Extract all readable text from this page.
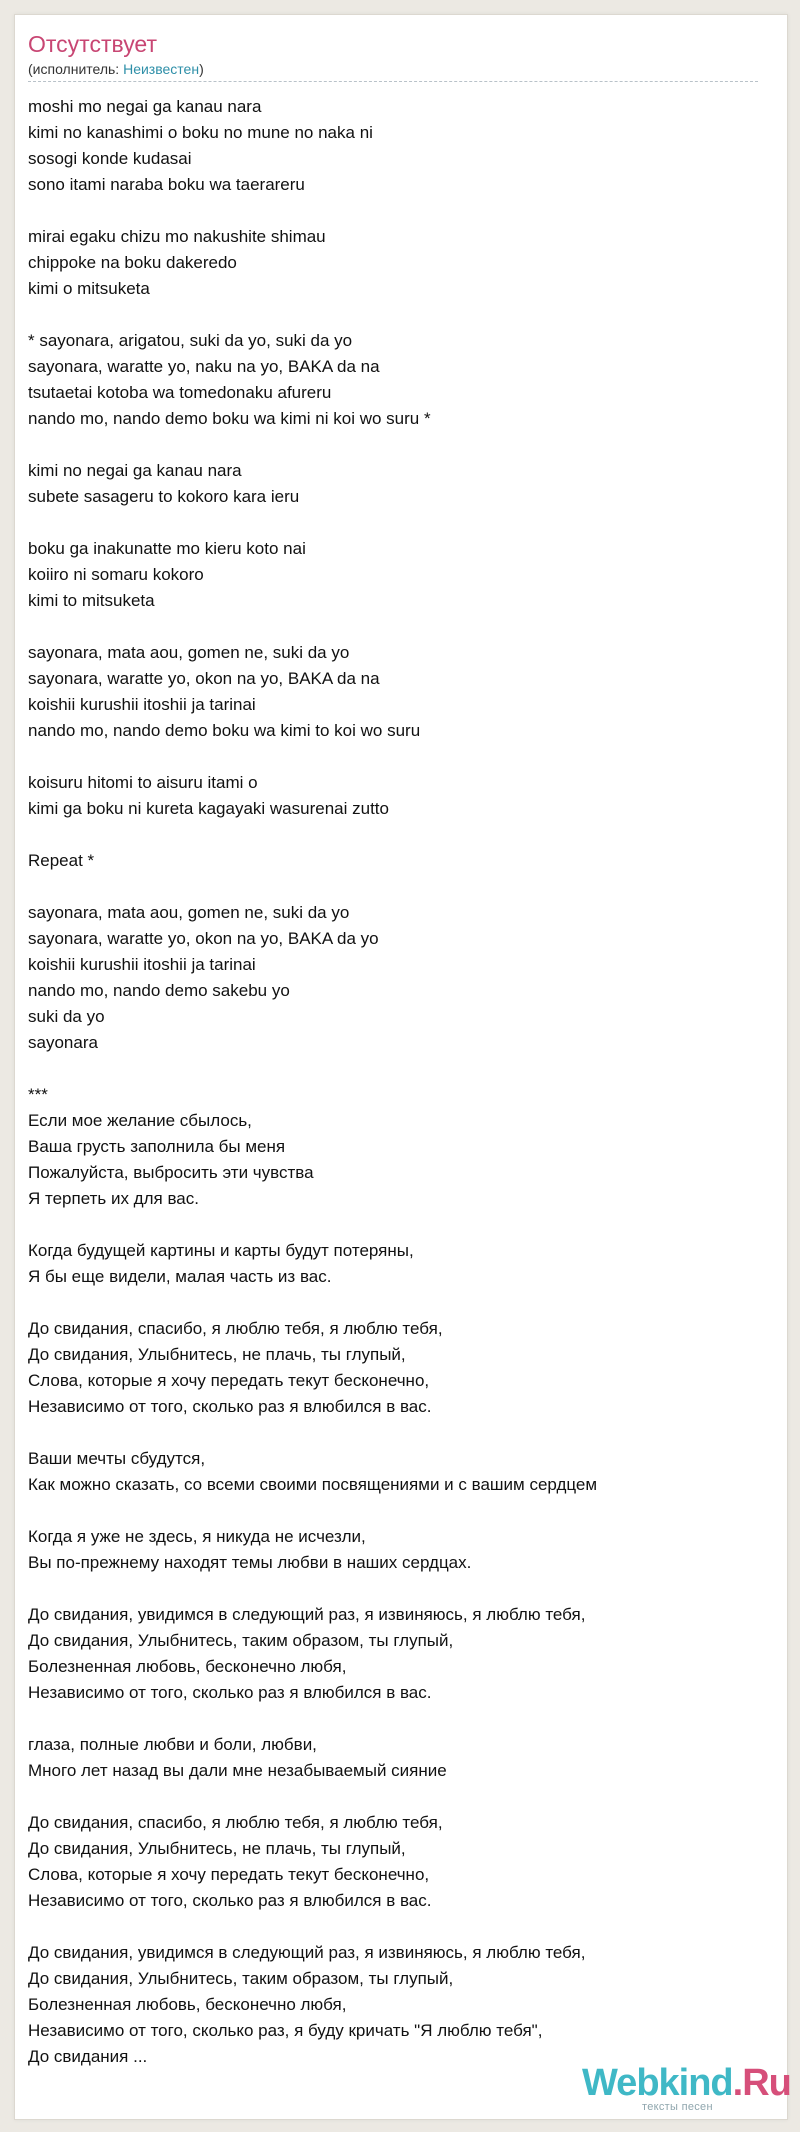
Отсутствует
(исполнитель: Неизвестен)
moshi mo negai ga kanau nara
kimi no kanashimi o boku no mune no naka ni
sosogi konde kudasai
sono itami naraba boku wa taerareru
mirai egaku chizu mo nakushite shimau
chippoke na boku dakeredo
kimi o mitsuketa
* sayonara, arigatou, suki da yo, suki da yo
sayonara, waratte yo, naku na yo, BAKA da na
tsutaetai kotoba wa tomedonaku afureru
nando mo, nando demo boku wa kimi ni koi wo suru *
kimi no negai ga kanau nara
subete sasageru to kokoro kara ieru
boku ga inakunatte mo kieru koto nai
koiiro ni somaru kokoro
kimi to mitsuketa
sayonara, mata aou, gomen ne, suki da yo
sayonara, waratte yo, okon na yo, BAKA da na
koishii kurushii itoshii ja tarinai
nando mo, nando demo boku wa kimi to koi wo suru
koisuru hitomi to aisuru itami o
kimi ga boku ni kureta kagayaki wasurenai zutto
Repeat *
sayonara, mata aou, gomen ne, suki da yo
sayonara, waratte yo, okon na yo, BAKA da yo
koishii kurushii itoshii ja tarinai
nando mo, nando demo sakebu yo
suki da yo
sayonara
***
Если мое желание сбылось,
Ваша грусть заполнила бы меня
Пожалуйста, выбросить эти чувства
Я терпеть их для вас.
Когда будущей картины и карты будут потеряны,
Я бы еще видели, малая часть из вас.
До свидания, спасибо, я люблю тебя, я люблю тебя,
До свидания, Улыбнитесь, не плачь, ты глупый,
Слова, которые я хочу передать текут бесконечно,
Независимо от того, сколько раз я влюбился в вас.
Ваши мечты сбудутся,
Как можно сказать, со всеми своими посвящениями и с вашим сердцем
Когда я уже не здесь, я никуда не исчезли,
Вы по-прежнему находят темы любви в наших сердцах.
До свидания, увидимся в следующий раз, я извиняюсь, я люблю тебя,
До свидания, Улыбнитесь, таким образом, ты глупый,
Болезненная любовь, бесконечно любя,
Независимо от того, сколько раз я влюбился в вас.
глаза, полные любви и боли, любви,
Много лет назад вы дали мне незабываемый сияние
До свидания, спасибо, я люблю тебя, я люблю тебя,
До свидания, Улыбнитесь, не плачь, ты глупый,
Слова, которые я хочу передать текут бесконечно,
Независимо от того, сколько раз я влюбился в вас.
До свидания, увидимся в следующий раз, я извиняюсь, я люблю тебя,
До свидания, Улыбнитесь, таким образом, ты глупый,
Болезненная любовь, бесконечно любя,
Независимо от того, сколько раз, я буду кричать "Я люблю тебя",
До свидания ...
Webkind.Ru
тексты песен
